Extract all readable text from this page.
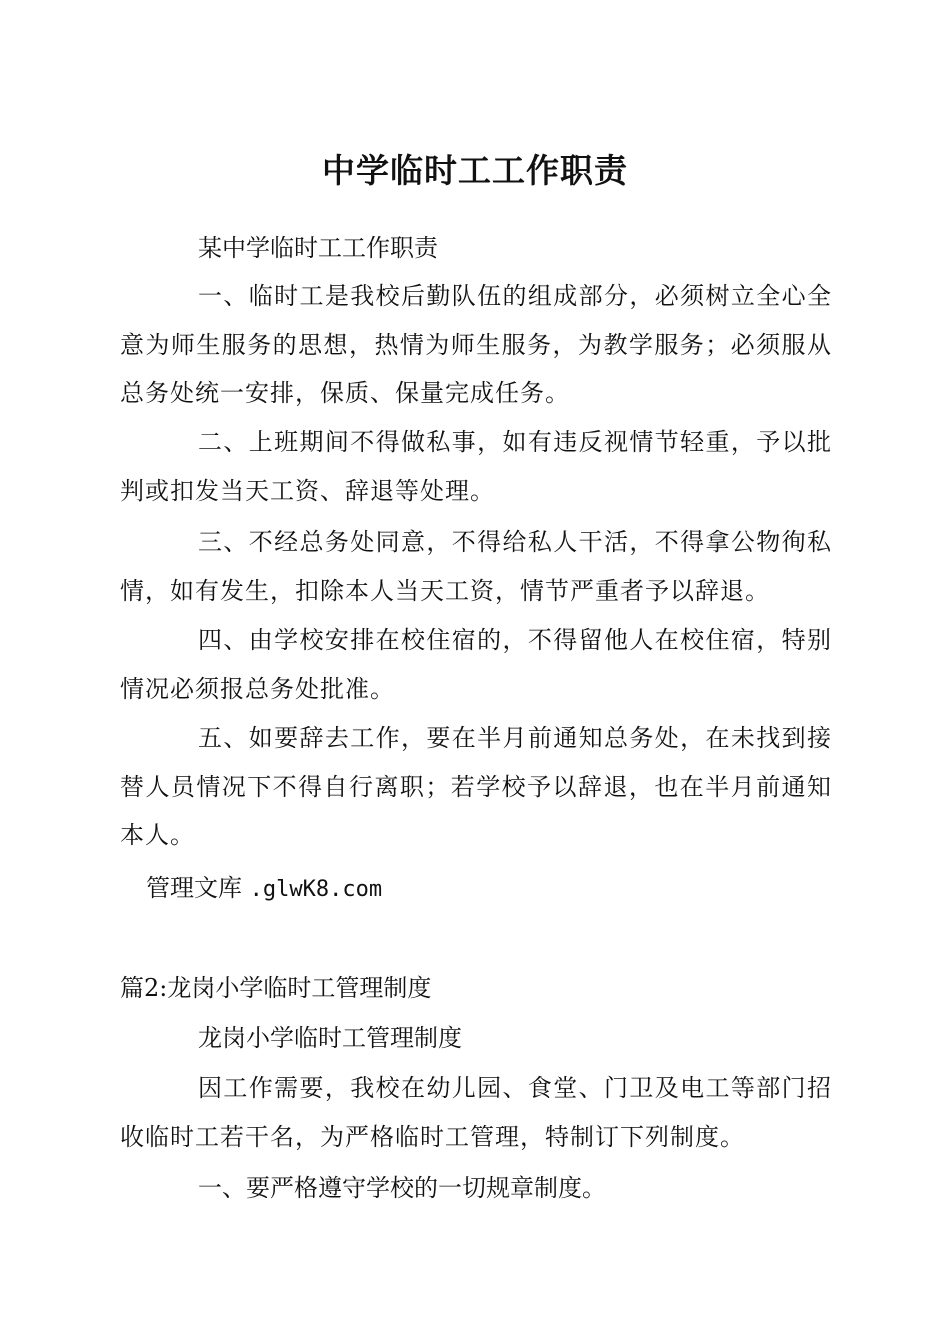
中学临时工工作职责
某中学临时工工作职责
一、临时工是我校后勤队伍的组成部分，必须树立全心全意为师生服务的思想，热情为师生服务，为教学服务；必须服从总务处统一安排，保质、保量完成任务。
二、上班期间不得做私事，如有违反视情节轻重，予以批判或扣发当天工资、辞退等处理。
三、不经总务处同意，不得给私人干活，不得拿公物徇私情，如有发生，扣除本人当天工资，情节严重者予以辞退。
四、由学校安排在校住宿的，不得留他人在校住宿，特别情况必须报总务处批准。
五、如要辞去工作，要在半月前通知总务处，在未找到接替人员情况下不得自行离职；若学校予以辞退，也在半月前通知本人。
管理文库 .glwK8.com
篇2:龙岗小学临时工管理制度
龙岗小学临时工管理制度
因工作需要，我校在幼儿园、食堂、门卫及电工等部门招收临时工若干名，为严格临时工管理，特制订下列制度。
一、要严格遵守学校的一切规章制度。
